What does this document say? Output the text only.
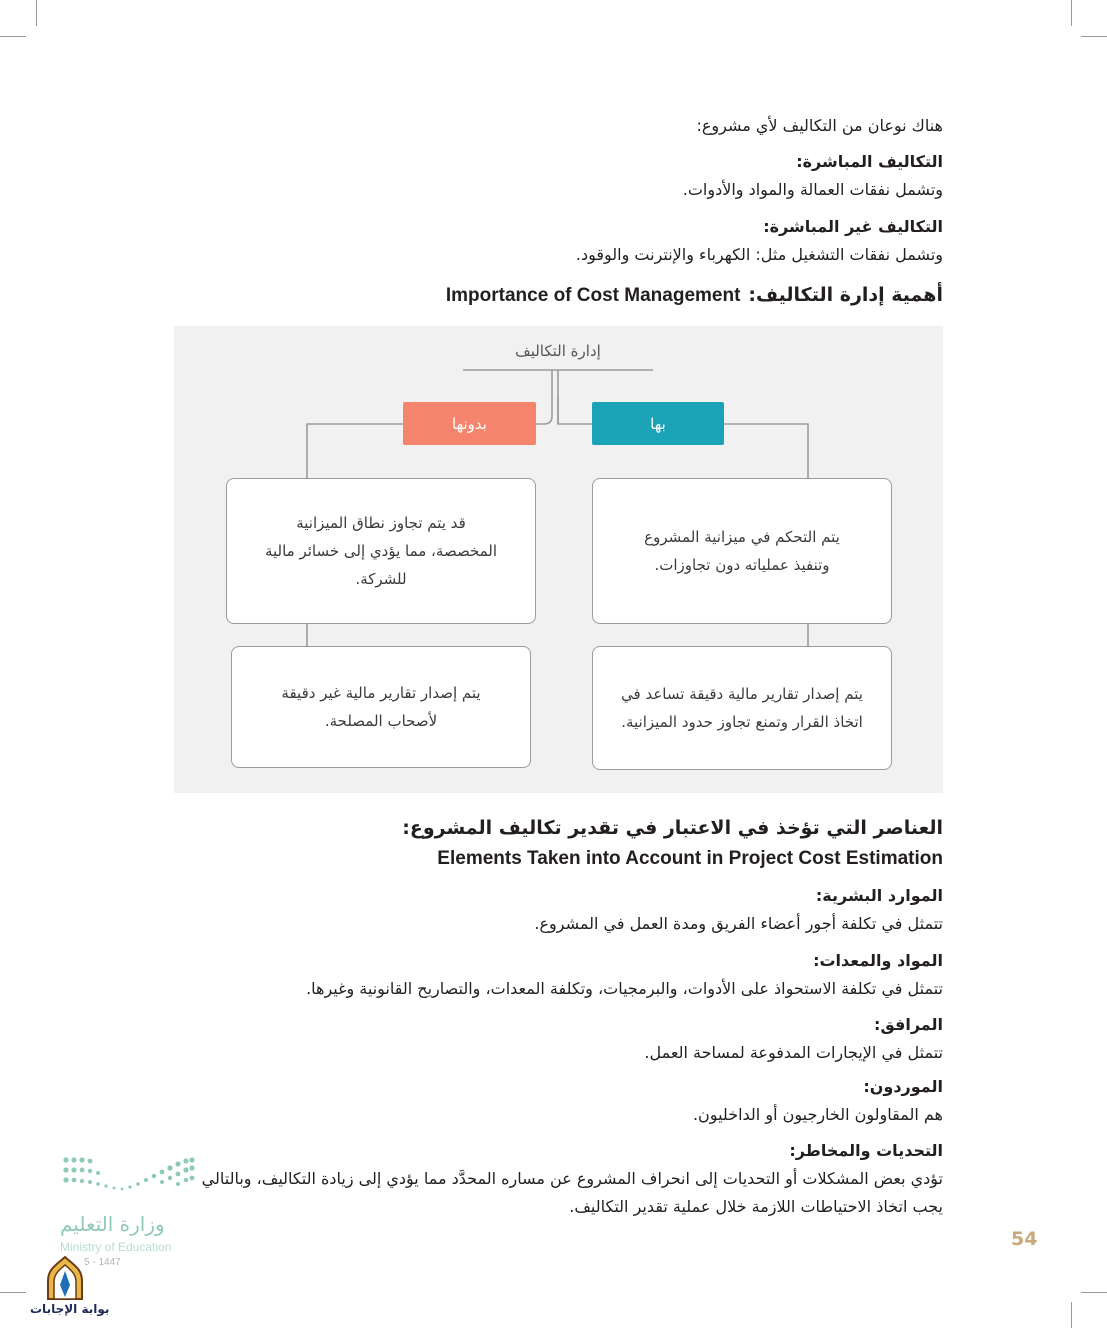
هناك نوعان من التكاليف لأي مشروع:
التكاليف المباشرة:
وتشمل نفقات العمالة والمواد والأدوات.
التكاليف غير المباشرة:
وتشمل نفقات التشغيل مثل: الكهرباء والإنترنت والوقود.
Importance of Cost Management أهمية إدارة التكاليف:
إدارة التكاليف
بها
بدونها
يتم التحكم في ميزانية المشروع وتنفيذ عملياته دون تجاوزات.
قد يتم تجاوز نطاق الميزانية المخصصة، مما يؤدي إلى خسائر مالية للشركة.
يتم إصدار تقارير مالية دقيقة تساعد في اتخاذ القرار وتمنع تجاوز حدود الميزانية.
يتم إصدار تقارير مالية غير دقيقة لأصحاب المصلحة.
العناصر التي تؤخذ في الاعتبار في تقدير تكاليف المشروع:
Elements Taken into Account in Project Cost Estimation
الموارد البشرية:
تتمثل في تكلفة أجور أعضاء الفريق ومدة العمل في المشروع.
المواد والمعدات:
تتمثل في تكلفة الاستحواذ على الأدوات، والبرمجيات، وتكلفة المعدات، والتصاريح القانونية وغيرها.
المرافق:
تتمثل في الإيجارات المدفوعة لمساحة العمل.
الموردون:
هم المقاولون الخارجيون أو الداخليون.
التحديات والمخاطر:
تؤدي بعض المشكلات أو التحديات إلى انحراف المشروع عن مساره المحدَّد مما يؤدي إلى زيادة التكاليف، وبالتالي
يجب اتخاذ الاحتياطات اللازمة خلال عملية تقدير التكاليف.
وزارة التعليم
Ministry of Education
5 - 1447
بوابة الإجابات
54
